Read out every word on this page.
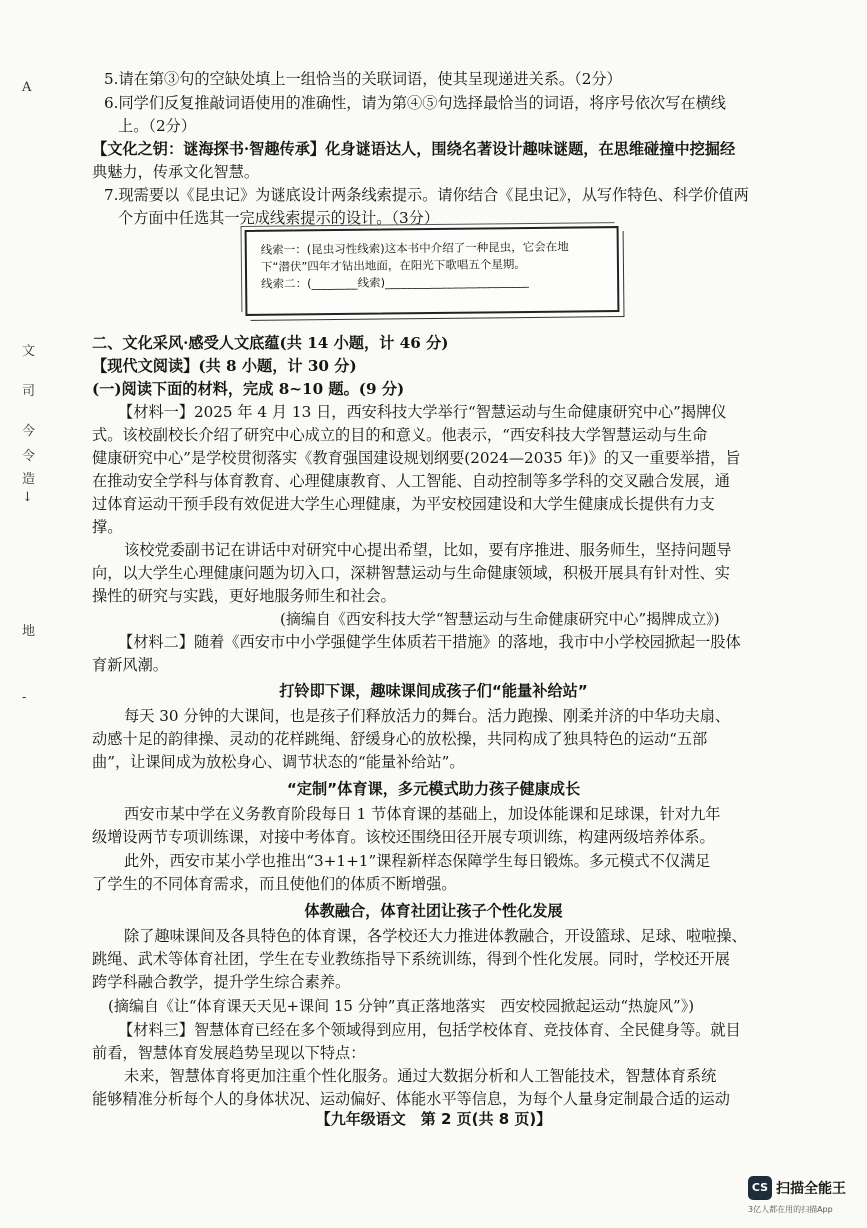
A
文
司
今
令
造
↓
地
-
5.请在第③句的空缺处填上一组恰当的关联词语，使其呈现递进关系。（2分）
6.同学们反复推敲词语使用的准确性，请为第④⑤句选择最恰当的词语，将序号依次写在横线
上。（2分）
【文化之钥：谜海探书·智趣传承】化身谜语达人，围绕名著设计趣味谜题，在思维碰撞中挖掘经
典魅力，传承文化智慧。
7.现需要以《昆虫记》为谜底设计两条线索提示。请你结合《昆虫记》，从写作特色、科学价值两
个方面中任选其一完成线索提示的设计。（3分）
线索一：(昆虫习性线索)这本书中介绍了一种昆虫，它会在地
下“潜伏”四年才钻出地面，在阳光下歌唱五个星期。
线索二：(________线索)_________________________
二、文化采风·感受人文底蕴(共 14 小题，计 46 分)
【现代文阅读】(共 8 小题，计 30 分)
(一)阅读下面的材料，完成 8~10 题。(9 分)
【材料一】2025 年 4 月 13 日，西安科技大学举行“智慧运动与生命健康研究中心”揭牌仪
式。该校副校长介绍了研究中心成立的目的和意义。他表示，“西安科技大学智慧运动与生命
健康研究中心”是学校贯彻落实《教育强国建设规划纲要(2024—2035 年)》的又一重要举措，旨
在推动安全学科与体育教育、心理健康教育、人工智能、自动控制等多学科的交叉融合发展，通
过体育运动干预手段有效促进大学生心理健康，为平安校园建设和大学生健康成长提供有力支
撑。
该校党委副书记在讲话中对研究中心提出希望，比如，要有序推进、服务师生，坚持问题导
向，以大学生心理健康问题为切入口，深耕智慧运动与生命健康领域，积极开展具有针对性、实
操性的研究与实践，更好地服务师生和社会。
(摘编自《西安科技大学“智慧运动与生命健康研究中心”揭牌成立》)
【材料二】随着《西安市中小学强健学生体质若干措施》的落地，我市中小学校园掀起一股体
育新风潮。
打铃即下课，趣味课间成孩子们“能量补给站”
每天 30 分钟的大课间，也是孩子们释放活力的舞台。活力跑操、刚柔并济的中华功夫扇、
动感十足的韵律操、灵动的花样跳绳、舒缓身心的放松操，共同构成了独具特色的运动“五部
曲”，让课间成为放松身心、调节状态的“能量补给站”。
“定制”体育课，多元模式助力孩子健康成长
西安市某中学在义务教育阶段每日 1 节体育课的基础上，加设体能课和足球课，针对九年
级增设两节专项训练课，对接中考体育。该校还围绕田径开展专项训练，构建两级培养体系。
此外，西安市某小学也推出“3+1+1”课程新样态保障学生每日锻炼。多元模式不仅满足
了学生的不同体育需求，而且使他们的体质不断增强。
体教融合，体育社团让孩子个性化发展
除了趣味课间及各具特色的体育课，各学校还大力推进体教融合，开设篮球、足球、啦啦操、
跳绳、武术等体育社团，学生在专业教练指导下系统训练，得到个性化发展。同时，学校还开展
跨学科融合教学，提升学生综合素养。
(摘编自《让“体育课天天见+课间 15 分钟”真正落地落实　西安校园掀起运动“热旋风”》)
【材料三】智慧体育已经在多个领域得到应用，包括学校体育、竞技体育、全民健身等。就目
前看，智慧体育发展趋势呈现以下特点：
未来，智慧体育将更加注重个性化服务。通过大数据分析和人工智能技术，智慧体育系统
能够精准分析每个人的身体状况、运动偏好、体能水平等信息，为每个人量身定制最合适的运动
【九年级语文　第 2 页(共 8 页)】
CS 扫描全能王
3亿人都在用的扫描App
